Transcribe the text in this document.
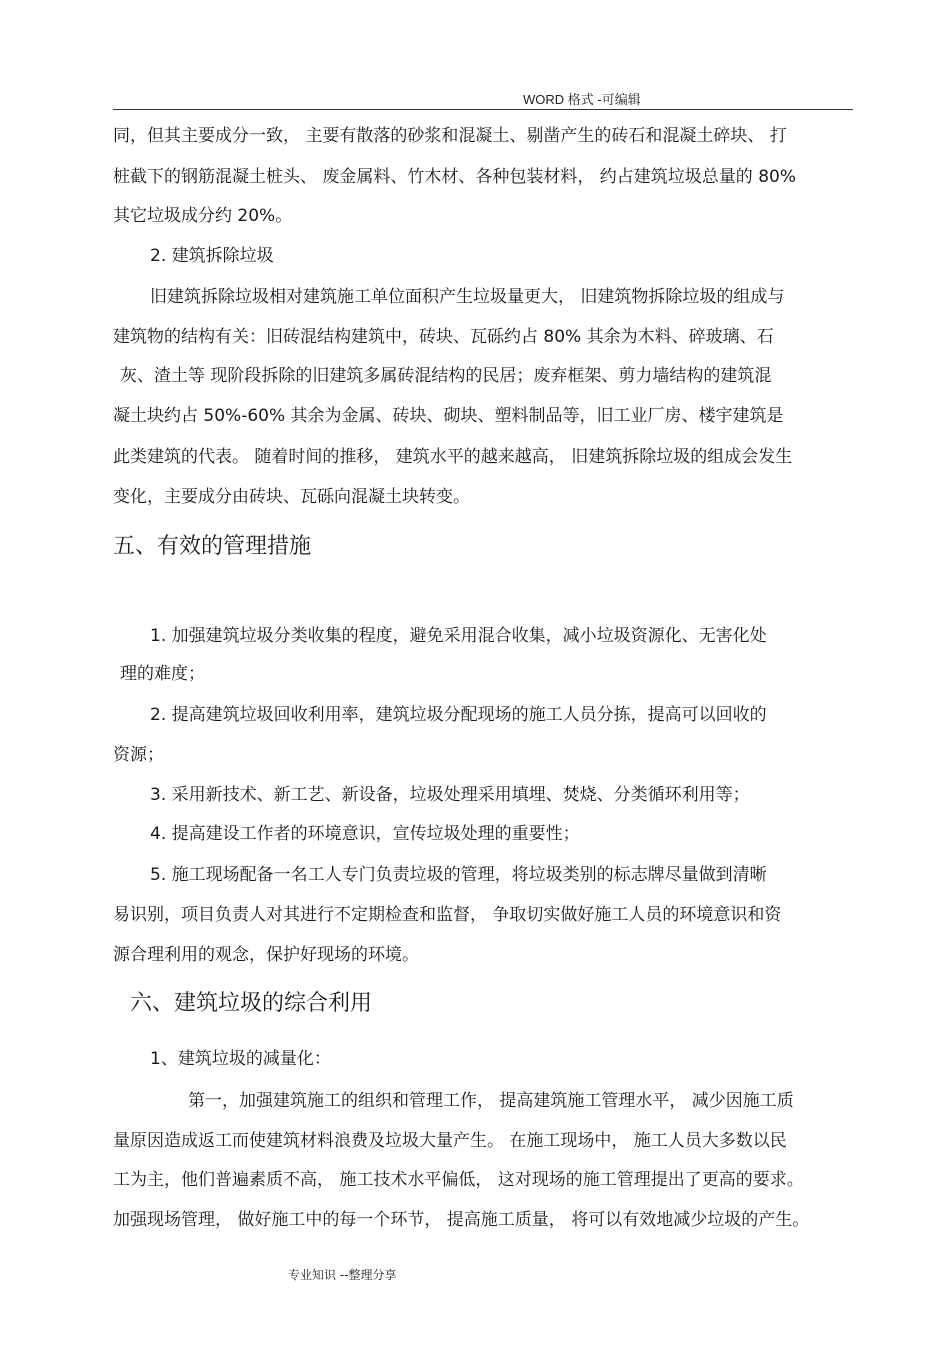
WORD 格式 -可编辑
同，但其主要成分一致， 主要有散落的砂浆和混凝土、剔凿产生的砖石和混凝土碎块、 打
桩截下的钢筋混凝土桩头、 废金属料、竹木材、各种包装材料， 约占建筑垃圾总量的 80%
其它垃圾成分约 20%。
2. 建筑拆除垃圾
旧建筑拆除垃圾相对建筑施工单位面积产生垃圾量更大， 旧建筑物拆除垃圾的组成与
建筑物的结构有关：旧砖混结构建筑中，砖块、瓦砾约占 80% 其余为木料、碎玻璃、石
灰、渣土等 现阶段拆除的旧建筑多属砖混结构的民居；废弃框架、剪力墙结构的建筑混
凝土块约占 50%-60% 其余为金属、砖块、砌块、塑料制品等，旧工业厂房、楼宇建筑是
此类建筑的代表。 随着时间的推移， 建筑水平的越来越高， 旧建筑拆除垃圾的组成会发生
变化，主要成分由砖块、瓦砾向混凝土块转变。
五、有效的管理措施
1. 加强建筑垃圾分类收集的程度，避免采用混合收集，减小垃圾资源化、无害化处
理的难度；
2. 提高建筑垃圾回收利用率，建筑垃圾分配现场的施工人员分拣，提高可以回收的
资源；
3. 采用新技术、新工艺、新设备，垃圾处理采用填埋、焚烧、分类循环利用等；
4. 提高建设工作者的环境意识，宣传垃圾处理的重要性；
5. 施工现场配备一名工人专门负责垃圾的管理，将垃圾类别的标志牌尽量做到清晰
易识别，项目负责人对其进行不定期检查和监督， 争取切实做好施工人员的环境意识和资
源合理利用的观念，保护好现场的环境。
六、建筑垃圾的综合利用
1、建筑垃圾的减量化：
第一，加强建筑施工的组织和管理工作， 提高建筑施工管理水平， 减少因施工质
量原因造成返工而使建筑材料浪费及垃圾大量产生。 在施工现场中， 施工人员大多数以民
工为主，他们普遍素质不高， 施工技术水平偏低， 这对现场的施工管理提出了更高的要求。
加强现场管理， 做好施工中的每一个环节， 提高施工质量， 将可以有效地减少垃圾的产生。
专业知识 --整理分享
